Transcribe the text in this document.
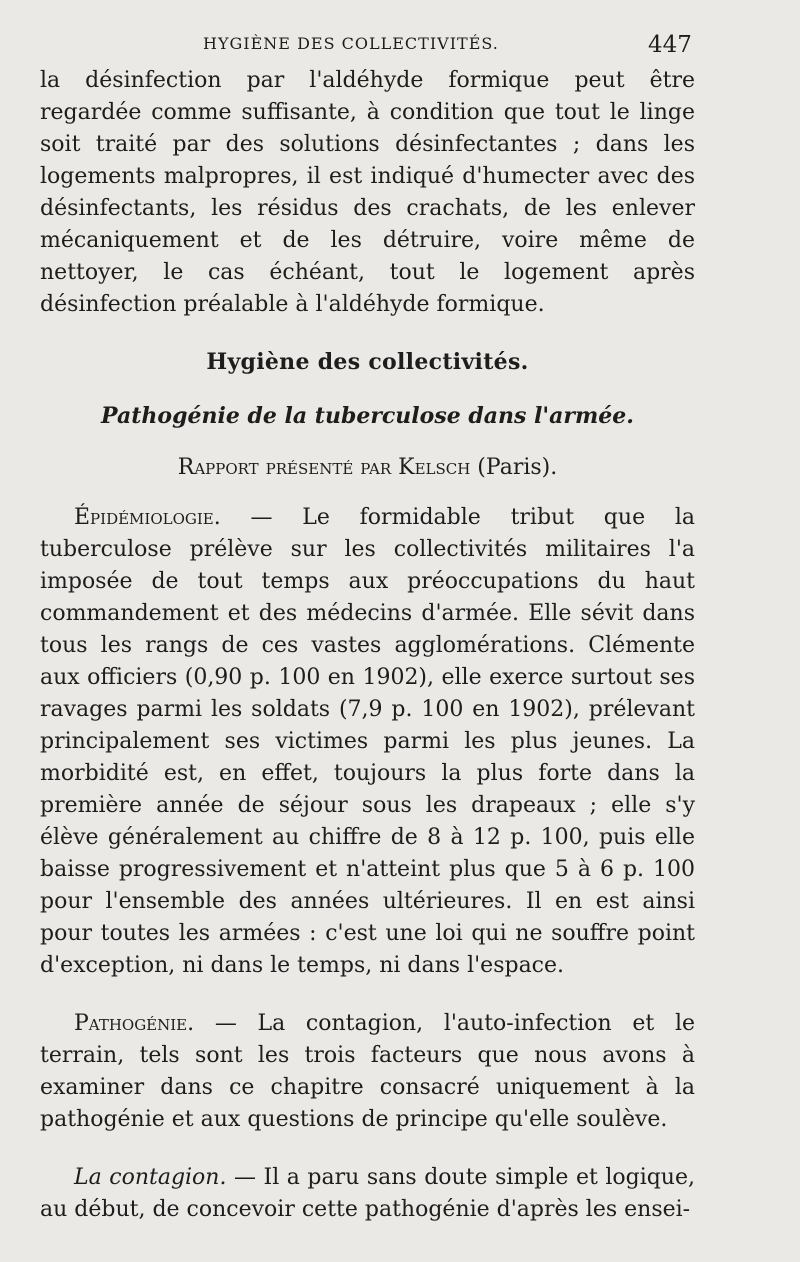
HYGIÈNE DES COLLECTIVITÉS.	447

la désinfection par l'aldéhyde formique peut être regardée comme suffisante, à condition que tout le linge soit traité par des solutions désinfectantes ; dans les logements malpropres, il est indiqué d'humecter avec des désinfectants, les résidus des crachats, de les enlever mécaniquement et de les détruire, voire même de nettoyer, le cas échéant, tout le logement après désinfection préalable à l'aldéhyde formique.

Hygiène des collectivités.

Pathogénie de la tuberculose dans l'armée.

Rapport présenté par Kelsch (Paris).

Épidémiologie. — Le formidable tribut que la tuberculose prélève sur les collectivités militaires l'a imposée de tout temps aux préoccupations du haut commandement et des médecins d'armée. Elle sévit dans tous les rangs de ces vastes agglomérations. Clémente aux officiers (0,90 p. 100 en 1902), elle exerce surtout ses ravages parmi les soldats (7,9 p. 100 en 1902), prélevant principalement ses victimes parmi les plus jeunes. La morbidité est, en effet, toujours la plus forte dans la première année de séjour sous les drapeaux ; elle s'y élève généralement au chiffre de 8 à 12 p. 100, puis elle baisse progressivement et n'atteint plus que 5 à 6 p. 100 pour l'ensemble des années ultérieures. Il en est ainsi pour toutes les armées : c'est une loi qui ne souffre point d'exception, ni dans le temps, ni dans l'espace.

Pathogénie. — La contagion, l'auto-infection et le terrain, tels sont les trois facteurs que nous avons à examiner dans ce chapitre consacré uniquement à la pathogénie et aux questions de principe qu'elle soulève.

La contagion. — Il a paru sans doute simple et logique, au début, de concevoir cette pathogénie d'après les ensei-
